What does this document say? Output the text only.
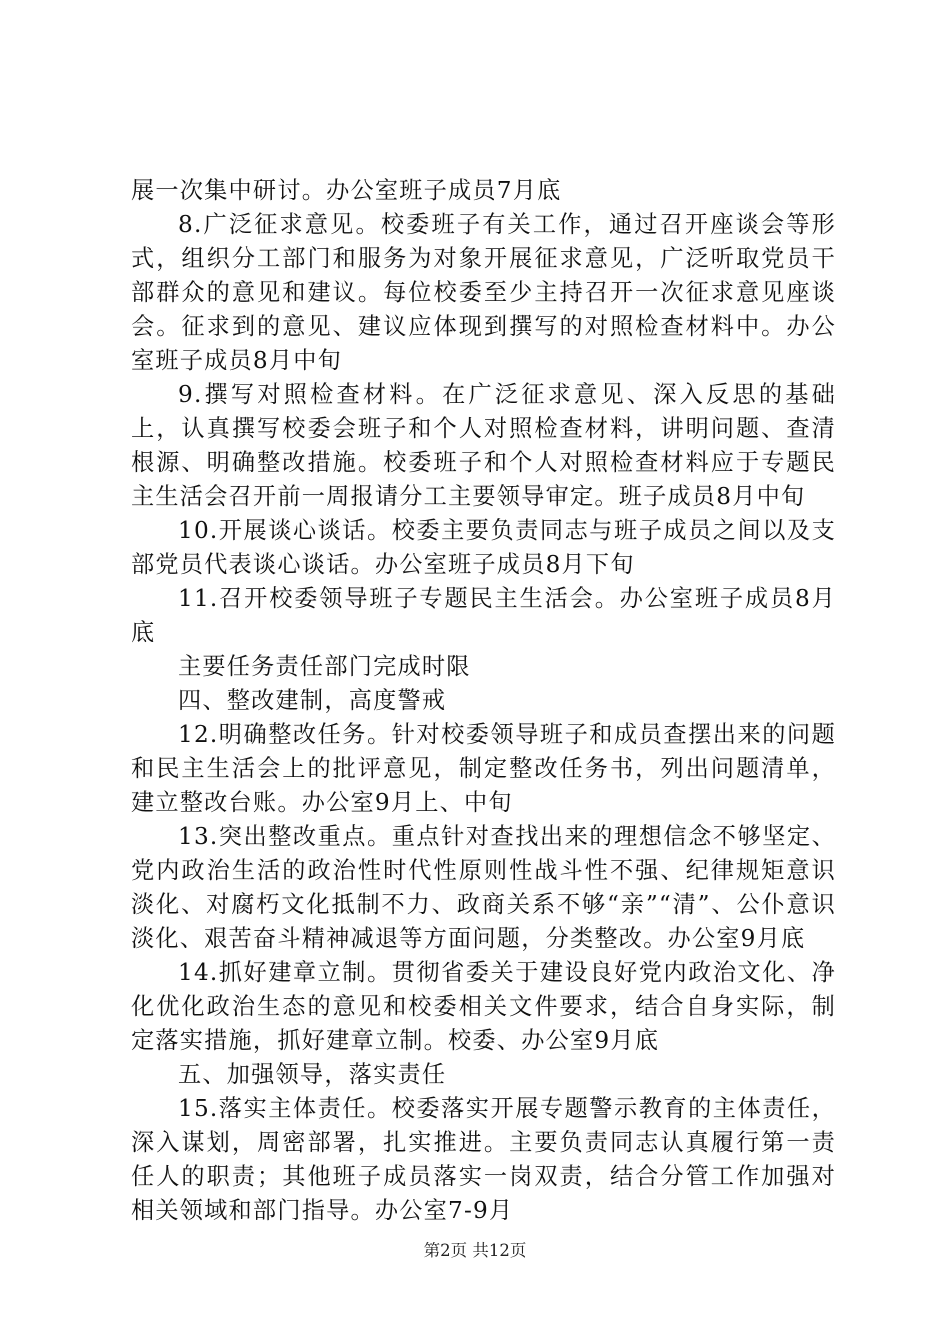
展一次集中研讨。办公室班子成员7月底

8.广泛征求意见。校委班子有关工作，通过召开座谈会等形式，组织分工部门和服务为对象开展征求意见，广泛听取党员干部群众的意见和建议。每位校委至少主持召开一次征求意见座谈会。征求到的意见、建议应体现到撰写的对照检查材料中。办公室班子成员8月中旬

9.撰写对照检查材料。在广泛征求意见、深入反思的基础上，认真撰写校委会班子和个人对照检查材料，讲明问题、查清根源、明确整改措施。校委班子和个人对照检查材料应于专题民主生活会召开前一周报请分工主要领导审定。班子成员8月中旬

10.开展谈心谈话。校委主要负责同志与班子成员之间以及支部党员代表谈心谈话。办公室班子成员8月下旬

11.召开校委领导班子专题民主生活会。办公室班子成员8月底

主要任务责任部门完成时限

四、整改建制，高度警戒

12.明确整改任务。针对校委领导班子和成员查摆出来的问题和民主生活会上的批评意见，制定整改任务书，列出问题清单，建立整改台账。办公室9月上、中旬

13.突出整改重点。重点针对查找出来的理想信念不够坚定、党内政治生活的政治性时代性原则性战斗性不强、纪律规矩意识淡化、对腐朽文化抵制不力、政商关系不够“亲”“清”、公仆意识淡化、艰苦奋斗精神减退等方面问题，分类整改。办公室9月底

14.抓好建章立制。贯彻省委关于建设良好党内政治文化、净化优化政治生态的意见和校委相关文件要求，结合自身实际，制定落实措施，抓好建章立制。校委、办公室9月底

五、加强领导，落实责任

15.落实主体责任。校委落实开展专题警示教育的主体责任，深入谋划，周密部署，扎实推进。主要负责同志认真履行第一责任人的职责；其他班子成员落实一岗双责，结合分管工作加强对相关领域和部门指导。办公室7-9月

第2页 共12页
